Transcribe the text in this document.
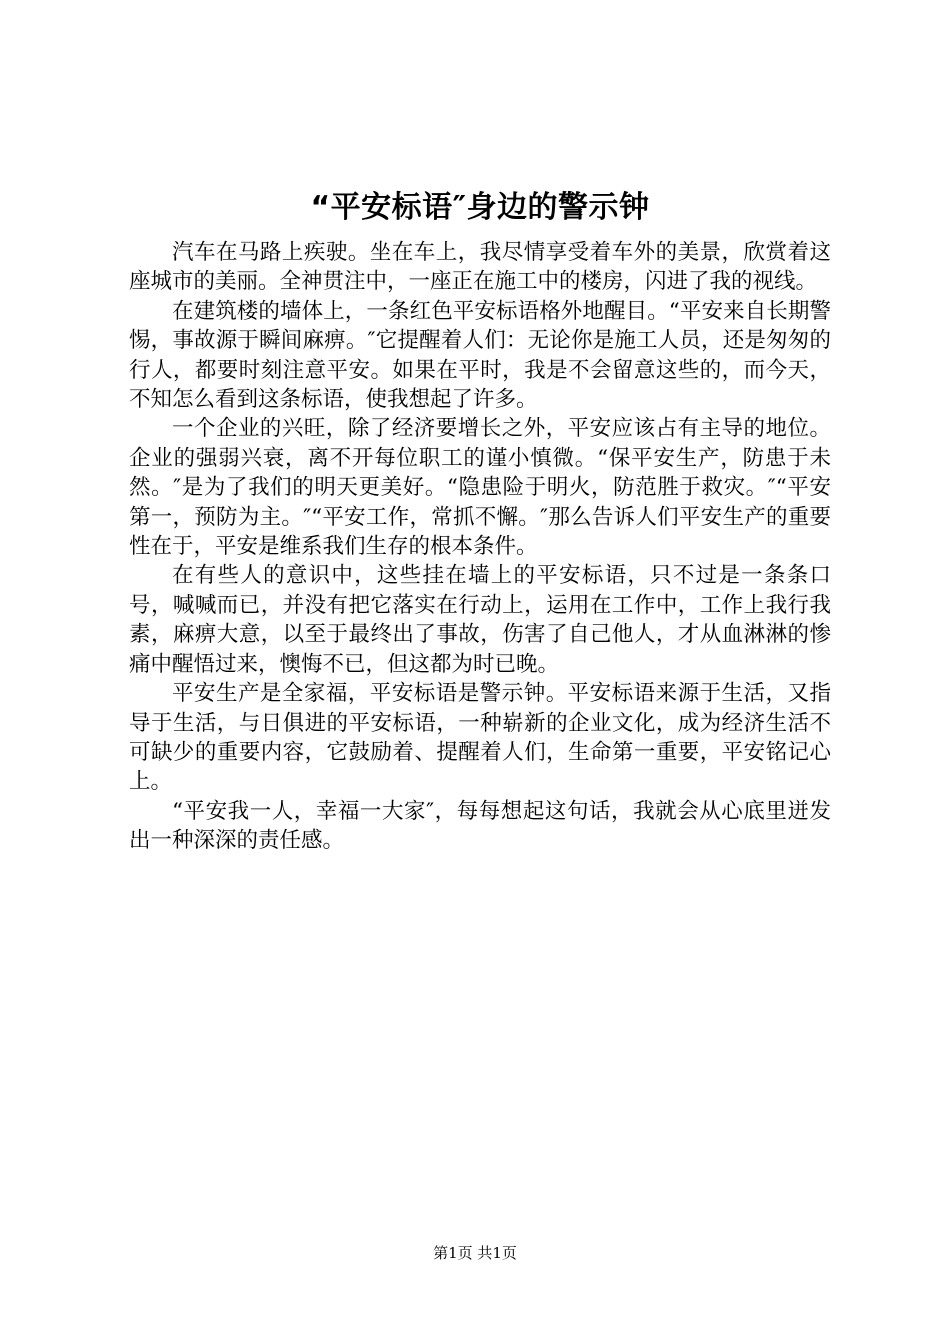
“平安标语″身边的警示钟

汽车在马路上疾驶。坐在车上，我尽情享受着车外的美景，欣赏着这座城市的美丽。全神贯注中，一座正在施工中的楼房，闪进了我的视线。

在建筑楼的墙体上，一条红色平安标语格外地醒目。“平安来自长期警惕，事故源于瞬间麻痹。″它提醒着人们：无论你是施工人员，还是匆匆的行人，都要时刻注意平安。如果在平时，我是不会留意这些的，而今天，不知怎么看到这条标语，使我想起了许多。

一个企业的兴旺，除了经济要增长之外，平安应该占有主导的地位。企业的强弱兴衰，离不开每位职工的谨小慎微。“保平安生产，防患于未然。″是为了我们的明天更美好。“隐患险于明火，防范胜于救灾。″“平安第一，预防为主。″“平安工作，常抓不懈。″那么告诉人们平安生产的重要性在于，平安是维系我们生存的根本条件。

在有些人的意识中，这些挂在墙上的平安标语，只不过是一条条口号，喊喊而已，并没有把它落实在行动上，运用在工作中，工作上我行我素，麻痹大意，以至于最终出了事故，伤害了自己他人，才从血淋淋的惨痛中醒悟过来，懊悔不已，但这都为时已晚。

平安生产是全家福，平安标语是警示钟。平安标语来源于生活，又指导于生活，与日俱进的平安标语，一种崭新的企业文化，成为经济生活不可缺少的重要内容，它鼓励着、提醒着人们，生命第一重要，平安铭记心上。

“平安我一人，幸福一大家″，每每想起这句话，我就会从心底里迸发出一种深深的责任感。

第1页 共1页
